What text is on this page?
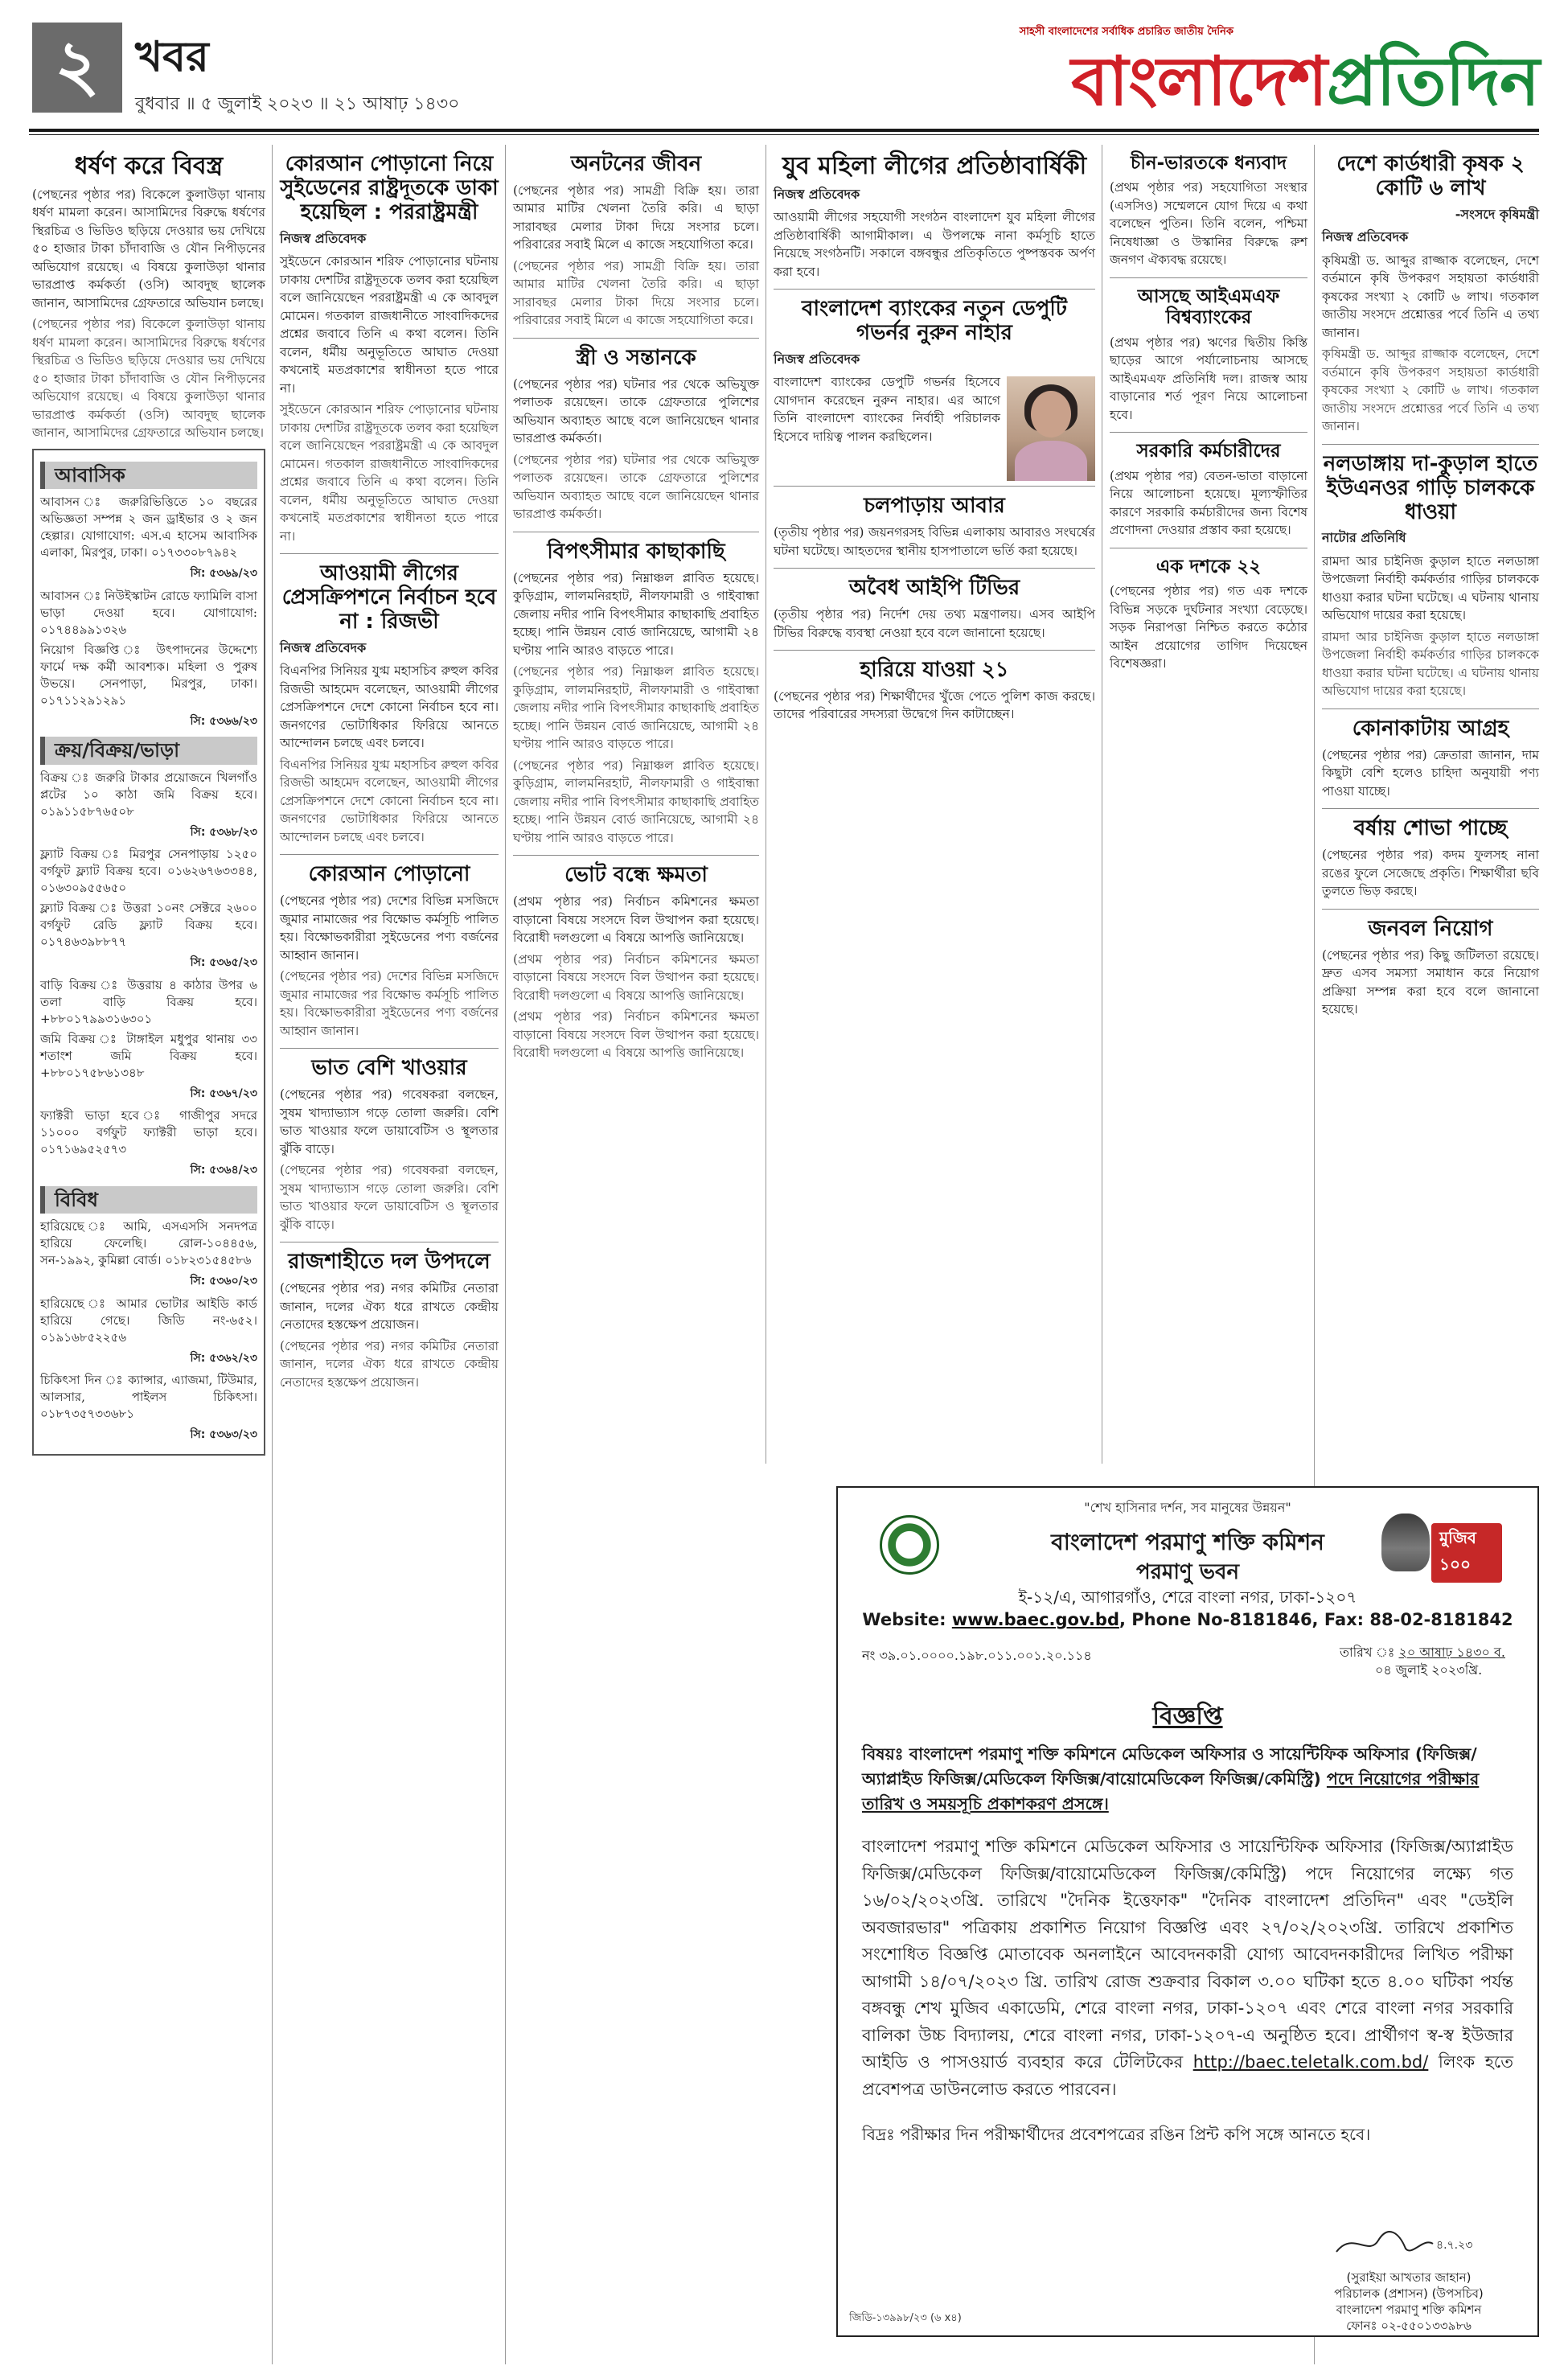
২ খবর
বুধবার ॥ ৫ জুলাই ২০২৩ ॥ ২১ আষাঢ় ১৪৩০
সাহসী বাংলাদেশের সর্বাধিক প্রচারিত জাতীয় দৈনিক
বাংলাদেশপ্রতিদিন
ধর্ষণ করে বিবস্ত্র
(পেছনের পৃষ্ঠার পর) বিকেলে কুলাউড়া থানায় ধর্ষণ মামলা করেন। আসামিদের বিরুদ্ধে ধর্ষণের স্থিরচিত্র ও ভিডিও ছড়িয়ে দেওয়ার ভয় দেখিয়ে ৫০ হাজার টাকা চাঁদাবাজি ও যৌন নিপীড়নের অভিযোগ রয়েছে। এ বিষয়ে কুলাউড়া থানার ভারপ্রাপ্ত কর্মকর্তা (ওসি) আবদুছ ছালেক জানান, আসামিদের গ্রেফতারে অভিযান চলছে।
(পেছনের পৃষ্ঠার পর) বিকেলে কুলাউড়া থানায় ধর্ষণ মামলা করেন। আসামিদের বিরুদ্ধে ধর্ষণের স্থিরচিত্র ও ভিডিও ছড়িয়ে দেওয়ার ভয় দেখিয়ে ৫০ হাজার টাকা চাঁদাবাজি ও যৌন নিপীড়নের অভিযোগ রয়েছে। এ বিষয়ে কুলাউড়া থানার ভারপ্রাপ্ত কর্মকর্তা (ওসি) আবদুছ ছালেক জানান, আসামিদের গ্রেফতারে অভিযান চলছে।
আবাসিক
আবাসন ঃ জরুরিভিত্তিতে ১০ বছরের অভিজ্ঞতা সম্পন্ন ২ জন ড্রাইভার ও ২ জন হেল্পার। যোগাযোগ: এস.এ হাসেম আবাসিক এলাকা, মিরপুর, ঢাকা। ০১৭৩৩০৮৭৯৪২
সি: ৫৩৬৯/২৩
আবাসন ঃ নিউইস্কাটন রোডে ফ্যামিলি বাসা ভাড়া দেওয়া হবে। যোগাযোগ: ০১৭৪৪৯৯১৩২৬
নিয়োগ বিজ্ঞপ্তি ঃ উৎপাদনের উদ্দেশ্যে ফার্মে দক্ষ কর্মী আবশ্যক। মহিলা ও পুরুষ উভয়ে। সেনপাড়া, মিরপুর, ঢাকা। ০১৭১১২৯১২৯১
সি: ৫৩৬৬/২৩
ক্রয়/বিক্রয়/ভাড়া
বিক্রয় ঃ জরুরি টাকার প্রয়োজনে খিলগাঁও প্লটের ১০ কাঠা জমি বিক্রয় হবে। ০১৯১১৫৮৭৬৫০৮
সি: ৫৩৬৮/২৩
ফ্ল্যাট বিক্রয় ঃ মিরপুর সেনপাড়ায় ১২৫০ বর্গফুট ফ্ল্যাট বিক্রয় হবে। ০১৬২৬৭৬৩৩৪৪, ০১৬৩০৯৫৫৬৫০
ফ্ল্যাট বিক্রয় ঃ উত্তরা ১০নং সেক্টরে ২৬০০ বর্গফুট রেডি ফ্ল্যাট বিক্রয় হবে। ০১৭৪৬৩৯৮৮৭৭
সি: ৫৩৬৫/২৩
বাড়ি বিক্রয় ঃ উত্তরায় ৪ কাঠার উপর ৬ তলা বাড়ি বিক্রয় হবে। +৮৮০১৭৯৯৩১৬৩০১
জমি বিক্রয় ঃ টাঙ্গাইল মধুপুর থানায় ৩৩ শতাংশ জমি বিক্রয় হবে। +৮৮০১৭৫৮৬১৩৪৮
সি: ৫৩৬৭/২৩
ফ্যাক্টরী ভাড়া হবে ঃ গাজীপুর সদরে ১১০০০ বর্গফুট ফ্যাক্টরী ভাড়া হবে। ০১৭১৬৯৫২৫৭৩
সি: ৫৩৬৪/২৩
বিবিধ
হারিয়েছে ঃ আমি, এসএসসি সনদপত্র হারিয়ে ফেলেছি। রোল-১০৪৪৫৬, সন-১৯৯২, কুমিল্লা বোর্ড। ০১৮২৩১৫৪৫৮৬
সি: ৫৩৬০/২৩
হারিয়েছে ঃ আমার ভোটার আইডি কার্ড হারিয়ে গেছে। জিডি নং-৬৫২। ০১৯১৬৮৫২২৫৬
সি: ৫৩৬২/২৩
চিকিৎসা দিন ঃ ক্যান্সার, এ্যাজমা, টিউমার, আলসার, পাইলস চিকিৎসা। ০১৮৭৩৫৭৩৩৬৮১
সি: ৫৩৬৩/২৩
কোরআন পোড়ানো নিয়ে সুইডেনের রাষ্ট্রদূতকে ডাকা হয়েছিল : পররাষ্ট্রমন্ত্রী
নিজস্ব প্রতিবেদক
সুইডেনে কোরআন শরিফ পোড়ানোর ঘটনায় ঢাকায় দেশটির রাষ্ট্রদূতকে তলব করা হয়েছিল বলে জানিয়েছেন পররাষ্ট্রমন্ত্রী এ কে আবদুল মোমেন। গতকাল রাজধানীতে সাংবাদিকদের প্রশ্নের জবাবে তিনি এ কথা বলেন। তিনি বলেন, ধর্মীয় অনুভূতিতে আঘাত দেওয়া কখনোই মতপ্রকাশের স্বাধীনতা হতে পারে না।
সুইডেনে কোরআন শরিফ পোড়ানোর ঘটনায় ঢাকায় দেশটির রাষ্ট্রদূতকে তলব করা হয়েছিল বলে জানিয়েছেন পররাষ্ট্রমন্ত্রী এ কে আবদুল মোমেন। গতকাল রাজধানীতে সাংবাদিকদের প্রশ্নের জবাবে তিনি এ কথা বলেন। তিনি বলেন, ধর্মীয় অনুভূতিতে আঘাত দেওয়া কখনোই মতপ্রকাশের স্বাধীনতা হতে পারে না।
আওয়ামী লীগের প্রেসক্রিপশনে নির্বাচন হবে না : রিজভী
নিজস্ব প্রতিবেদক
বিএনপির সিনিয়র যুগ্ম মহাসচিব রুহুল কবির রিজভী আহমেদ বলেছেন, আওয়ামী লীগের প্রেসক্রিপশনে দেশে কোনো নির্বাচন হবে না। জনগণের ভোটাধিকার ফিরিয়ে আনতে আন্দোলন চলছে এবং চলবে।
বিএনপির সিনিয়র যুগ্ম মহাসচিব রুহুল কবির রিজভী আহমেদ বলেছেন, আওয়ামী লীগের প্রেসক্রিপশনে দেশে কোনো নির্বাচন হবে না। জনগণের ভোটাধিকার ফিরিয়ে আনতে আন্দোলন চলছে এবং চলবে।
কোরআন পোড়ানো
(পেছনের পৃষ্ঠার পর) দেশের বিভিন্ন মসজিদে জুমার নামাজের পর বিক্ষোভ কর্মসূচি পালিত হয়। বিক্ষোভকারীরা সুইডেনের পণ্য বর্জনের আহ্বান জানান।
(পেছনের পৃষ্ঠার পর) দেশের বিভিন্ন মসজিদে জুমার নামাজের পর বিক্ষোভ কর্মসূচি পালিত হয়। বিক্ষোভকারীরা সুইডেনের পণ্য বর্জনের আহ্বান জানান।
ভাত বেশি খাওয়ার
(পেছনের পৃষ্ঠার পর) গবেষকরা বলছেন, সুষম খাদ্যাভ্যাস গড়ে তোলা জরুরি। বেশি ভাত খাওয়ার ফলে ডায়াবেটিস ও স্থূলতার ঝুঁকি বাড়ে।
(পেছনের পৃষ্ঠার পর) গবেষকরা বলছেন, সুষম খাদ্যাভ্যাস গড়ে তোলা জরুরি। বেশি ভাত খাওয়ার ফলে ডায়াবেটিস ও স্থূলতার ঝুঁকি বাড়ে।
রাজশাহীতে দল উপদলে
(পেছনের পৃষ্ঠার পর) নগর কমিটির নেতারা জানান, দলের ঐক্য ধরে রাখতে কেন্দ্রীয় নেতাদের হস্তক্ষেপ প্রয়োজন।
(পেছনের পৃষ্ঠার পর) নগর কমিটির নেতারা জানান, দলের ঐক্য ধরে রাখতে কেন্দ্রীয় নেতাদের হস্তক্ষেপ প্রয়োজন।
অনটনের জীবন
(পেছনের পৃষ্ঠার পর) সামগ্রী বিক্রি হয়। তারা আমার মাটির খেলনা তৈরি করি। এ ছাড়া সারাবছর মেলার টাকা দিয়ে সংসার চলে। পরিবারের সবাই মিলে এ কাজে সহযোগিতা করে।
(পেছনের পৃষ্ঠার পর) সামগ্রী বিক্রি হয়। তারা আমার মাটির খেলনা তৈরি করি। এ ছাড়া সারাবছর মেলার টাকা দিয়ে সংসার চলে। পরিবারের সবাই মিলে এ কাজে সহযোগিতা করে।
স্ত্রী ও সন্তানকে
(পেছনের পৃষ্ঠার পর) ঘটনার পর থেকে অভিযুক্ত পলাতক রয়েছেন। তাকে গ্রেফতারে পুলিশের অভিযান অব্যাহত আছে বলে জানিয়েছেন থানার ভারপ্রাপ্ত কর্মকর্তা।
(পেছনের পৃষ্ঠার পর) ঘটনার পর থেকে অভিযুক্ত পলাতক রয়েছেন। তাকে গ্রেফতারে পুলিশের অভিযান অব্যাহত আছে বলে জানিয়েছেন থানার ভারপ্রাপ্ত কর্মকর্তা।
বিপৎসীমার কাছাকাছি
(পেছনের পৃষ্ঠার পর) নিম্নাঞ্চল প্লাবিত হয়েছে। কুড়িগ্রাম, লালমনিরহাট, নীলফামারী ও গাইবান্ধা জেলায় নদীর পানি বিপৎসীমার কাছাকাছি প্রবাহিত হচ্ছে। পানি উন্নয়ন বোর্ড জানিয়েছে, আগামী ২৪ ঘণ্টায় পানি আরও বাড়তে পারে।
(পেছনের পৃষ্ঠার পর) নিম্নাঞ্চল প্লাবিত হয়েছে। কুড়িগ্রাম, লালমনিরহাট, নীলফামারী ও গাইবান্ধা জেলায় নদীর পানি বিপৎসীমার কাছাকাছি প্রবাহিত হচ্ছে। পানি উন্নয়ন বোর্ড জানিয়েছে, আগামী ২৪ ঘণ্টায় পানি আরও বাড়তে পারে।
(পেছনের পৃষ্ঠার পর) নিম্নাঞ্চল প্লাবিত হয়েছে। কুড়িগ্রাম, লালমনিরহাট, নীলফামারী ও গাইবান্ধা জেলায় নদীর পানি বিপৎসীমার কাছাকাছি প্রবাহিত হচ্ছে। পানি উন্নয়ন বোর্ড জানিয়েছে, আগামী ২৪ ঘণ্টায় পানি আরও বাড়তে পারে।
ভোট বন্ধে ক্ষমতা
(প্রথম পৃষ্ঠার পর) নির্বাচন কমিশনের ক্ষমতা বাড়ানো বিষয়ে সংসদে বিল উত্থাপন করা হয়েছে। বিরোধী দলগুলো এ বিষয়ে আপত্তি জানিয়েছে।
(প্রথম পৃষ্ঠার পর) নির্বাচন কমিশনের ক্ষমতা বাড়ানো বিষয়ে সংসদে বিল উত্থাপন করা হয়েছে। বিরোধী দলগুলো এ বিষয়ে আপত্তি জানিয়েছে।
(প্রথম পৃষ্ঠার পর) নির্বাচন কমিশনের ক্ষমতা বাড়ানো বিষয়ে সংসদে বিল উত্থাপন করা হয়েছে। বিরোধী দলগুলো এ বিষয়ে আপত্তি জানিয়েছে।
যুব মহিলা লীগের প্রতিষ্ঠাবার্ষিকী
নিজস্ব প্রতিবেদক
আওয়ামী লীগের সহযোগী সংগঠন বাংলাদেশ যুব মহিলা লীগের প্রতিষ্ঠাবার্ষিকী আগামীকাল। এ উপলক্ষে নানা কর্মসূচি হাতে নিয়েছে সংগঠনটি। সকালে বঙ্গবন্ধুর প্রতিকৃতিতে পুষ্পস্তবক অর্পণ করা হবে।
বাংলাদেশ ব্যাংকের নতুন ডেপুটি গভর্নর নুরুন নাহার
নিজস্ব প্রতিবেদক
বাংলাদেশ ব্যাংকের ডেপুটি গভর্নর হিসেবে যোগদান করেছেন নুরুন নাহার। এর আগে তিনি বাংলাদেশ ব্যাংকের নির্বাহী পরিচালক হিসেবে দায়িত্ব পালন করছিলেন।
চলপাড়ায় আবার
(তৃতীয় পৃষ্ঠার পর) জয়নগরসহ বিভিন্ন এলাকায় আবারও সংঘর্ষের ঘটনা ঘটেছে। আহতদের স্থানীয় হাসপাতালে ভর্তি করা হয়েছে।
অবৈধ আইপি টিভির
(তৃতীয় পৃষ্ঠার পর) নির্দেশ দেয় তথ্য মন্ত্রণালয়। এসব আইপি টিভির বিরুদ্ধে ব্যবস্থা নেওয়া হবে বলে জানানো হয়েছে।
হারিয়ে যাওয়া ২১
(পেছনের পৃষ্ঠার পর) শিক্ষার্থীদের খুঁজে পেতে পুলিশ কাজ করছে। তাদের পরিবারের সদস্যরা উদ্বেগে দিন কাটাচ্ছেন।
চীন-ভারতকে ধন্যবাদ
(প্রথম পৃষ্ঠার পর) সহযোগিতা সংস্থার (এসসিও) সম্মেলনে যোগ দিয়ে এ কথা বলেছেন পুতিন। তিনি বলেন, পশ্চিমা নিষেধাজ্ঞা ও উস্কানির বিরুদ্ধে রুশ জনগণ ঐক্যবদ্ধ রয়েছে।
আসছে আইএমএফ বিশ্বব্যাংকের
(প্রথম পৃষ্ঠার পর) ঋণের দ্বিতীয় কিস্তি ছাড়ের আগে পর্যালোচনায় আসছে আইএমএফ প্রতিনিধি দল। রাজস্ব আয় বাড়ানোর শর্ত পূরণ নিয়ে আলোচনা হবে।
সরকারি কর্মচারীদের
(প্রথম পৃষ্ঠার পর) বেতন-ভাতা বাড়ানো নিয়ে আলোচনা হয়েছে। মূল্যস্ফীতির কারণে সরকারি কর্মচারীদের জন্য বিশেষ প্রণোদনা দেওয়ার প্রস্তাব করা হয়েছে।
এক দশকে ২২
(পেছনের পৃষ্ঠার পর) গত এক দশকে বিভিন্ন সড়কে দুর্ঘটনার সংখ্যা বেড়েছে। সড়ক নিরাপত্তা নিশ্চিত করতে কঠোর আইন প্রয়োগের তাগিদ দিয়েছেন বিশেষজ্ঞরা।
দেশে কার্ডধারী কৃষক ২ কোটি ৬ লাখ
-সংসদে কৃষিমন্ত্রী
নিজস্ব প্রতিবেদক
কৃষিমন্ত্রী ড. আব্দুর রাজ্জাক বলেছেন, দেশে বর্তমানে কৃষি উপকরণ সহায়তা কার্ডধারী কৃষকের সংখ্যা ২ কোটি ৬ লাখ। গতকাল জাতীয় সংসদে প্রশ্নোত্তর পর্বে তিনি এ তথ্য জানান।
কৃষিমন্ত্রী ড. আব্দুর রাজ্জাক বলেছেন, দেশে বর্তমানে কৃষি উপকরণ সহায়তা কার্ডধারী কৃষকের সংখ্যা ২ কোটি ৬ লাখ। গতকাল জাতীয় সংসদে প্রশ্নোত্তর পর্বে তিনি এ তথ্য জানান।
নলডাঙ্গায় দা-কুড়াল হাতে ইউএনওর গাড়ি চালককে ধাওয়া
নাটোর প্রতিনিধি
রামদা আর চাইনিজ কুড়াল হাতে নলডাঙ্গা উপজেলা নির্বাহী কর্মকর্তার গাড়ির চালককে ধাওয়া করার ঘটনা ঘটেছে। এ ঘটনায় থানায় অভিযোগ দায়ের করা হয়েছে।
রামদা আর চাইনিজ কুড়াল হাতে নলডাঙ্গা উপজেলা নির্বাহী কর্মকর্তার গাড়ির চালককে ধাওয়া করার ঘটনা ঘটেছে। এ ঘটনায় থানায় অভিযোগ দায়ের করা হয়েছে।
কোনাকাটায় আগ্রহ
(পেছনের পৃষ্ঠার পর) ক্রেতারা জানান, দাম কিছুটা বেশি হলেও চাহিদা অনুযায়ী পণ্য পাওয়া যাচ্ছে।
বর্ষায় শোভা পাচ্ছে
(পেছনের পৃষ্ঠার পর) কদম ফুলসহ নানা রঙের ফুলে সেজেছে প্রকৃতি। শিক্ষার্থীরা ছবি তুলতে ভিড় করছে।
জনবল নিয়োগ
(পেছনের পৃষ্ঠার পর) কিছু জটিলতা রয়েছে। দ্রুত এসব সমস্যা সমাধান করে নিয়োগ প্রক্রিয়া সম্পন্ন করা হবে বলে জানানো হয়েছে।
"শেখ হাসিনার দর্শন, সব মানুষের উন্নয়ন"
মুজিব ১০০
বাংলাদেশ পরমাণু শক্তি কমিশন
পরমাণু ভবন
ই-১২/এ, আগারগাঁও, শেরে বাংলা নগর, ঢাকা-১২০৭
Website: www.baec.gov.bd, Phone No-8181846, Fax: 88-02-8181842
নং ৩৯.০১.০০০০.১৯৮.০১১.০০১.২০.১১৪	তারিখ ঃ ২০ আষাঢ় ১৪৩০ ব.
০৪ জুলাই ২০২৩খ্রি.
বিজ্ঞপ্তি
বিষয়ঃ বাংলাদেশ পরমাণু শক্তি কমিশনে মেডিকেল অফিসার ও সায়েন্টিফিক অফিসার (ফিজিক্স/অ্যাপ্লাইড ফিজিক্স/মেডিকেল ফিজিক্স/বায়োমেডিকেল ফিজিক্স/কেমিস্ট্রি) পদে নিয়োগের পরীক্ষার তারিখ ও সময়সূচি প্রকাশকরণ প্রসঙ্গে।
বাংলাদেশ পরমাণু শক্তি কমিশনে মেডিকেল অফিসার ও সায়েন্টিফিক অফিসার (ফিজিক্স/অ্যাপ্লাইড ফিজিক্স/মেডিকেল ফিজিক্স/বায়োমেডিকেল ফিজিক্স/কেমিস্ট্রি) পদে নিয়োগের লক্ষ্যে গত ১৬/০২/২০২৩খ্রি. তারিখে "দৈনিক ইত্তেফাক" "দৈনিক বাংলাদেশ প্রতিদিন" এবং "ডেইলি অবজারভার" পত্রিকায় প্রকাশিত নিয়োগ বিজ্ঞপ্তি এবং ২৭/০২/২০২৩খ্রি. তারিখে প্রকাশিত সংশোধিত বিজ্ঞপ্তি মোতাবেক অনলাইনে আবেদনকারী যোগ্য আবেদনকারীদের লিখিত পরীক্ষা আগামী ১৪/০৭/২০২৩ খ্রি. তারিখ রোজ শুক্রবার বিকাল ৩.০০ ঘটিকা হতে ৪.০০ ঘটিকা পর্যন্ত বঙ্গবন্ধু শেখ মুজিব একাডেমি, শেরে বাংলা নগর, ঢাকা-১২০৭ এবং শেরে বাংলা নগর সরকারি বালিকা উচ্চ বিদ্যালয়, শেরে বাংলা নগর, ঢাকা-১২০৭-এ অনুষ্ঠিত হবে। প্রার্থীগণ স্ব-স্ব ইউজার আইডি ও পাসওয়ার্ড ব্যবহার করে টেলিটকের http://baec.teletalk.com.bd/ লিংক হতে প্রবেশপত্র ডাউনলোড করতে পারবেন।
বিদ্রঃ পরীক্ষার দিন পরীক্ষার্থীদের প্রবেশপত্রের রঙিন প্রিন্ট কপি সঙ্গে আনতে হবে।
৪.৭.২৩
(সুরাইয়া আখতার জাহান)
পরিচালক (প্রশাসন) (উপসচিব)
বাংলাদেশ পরমাণু শক্তি কমিশন
ফোনঃ ০২-৫৫০১৩৩৯৮৬
জিডি-১৩৯৯৮/২৩ (৬ x৪)
